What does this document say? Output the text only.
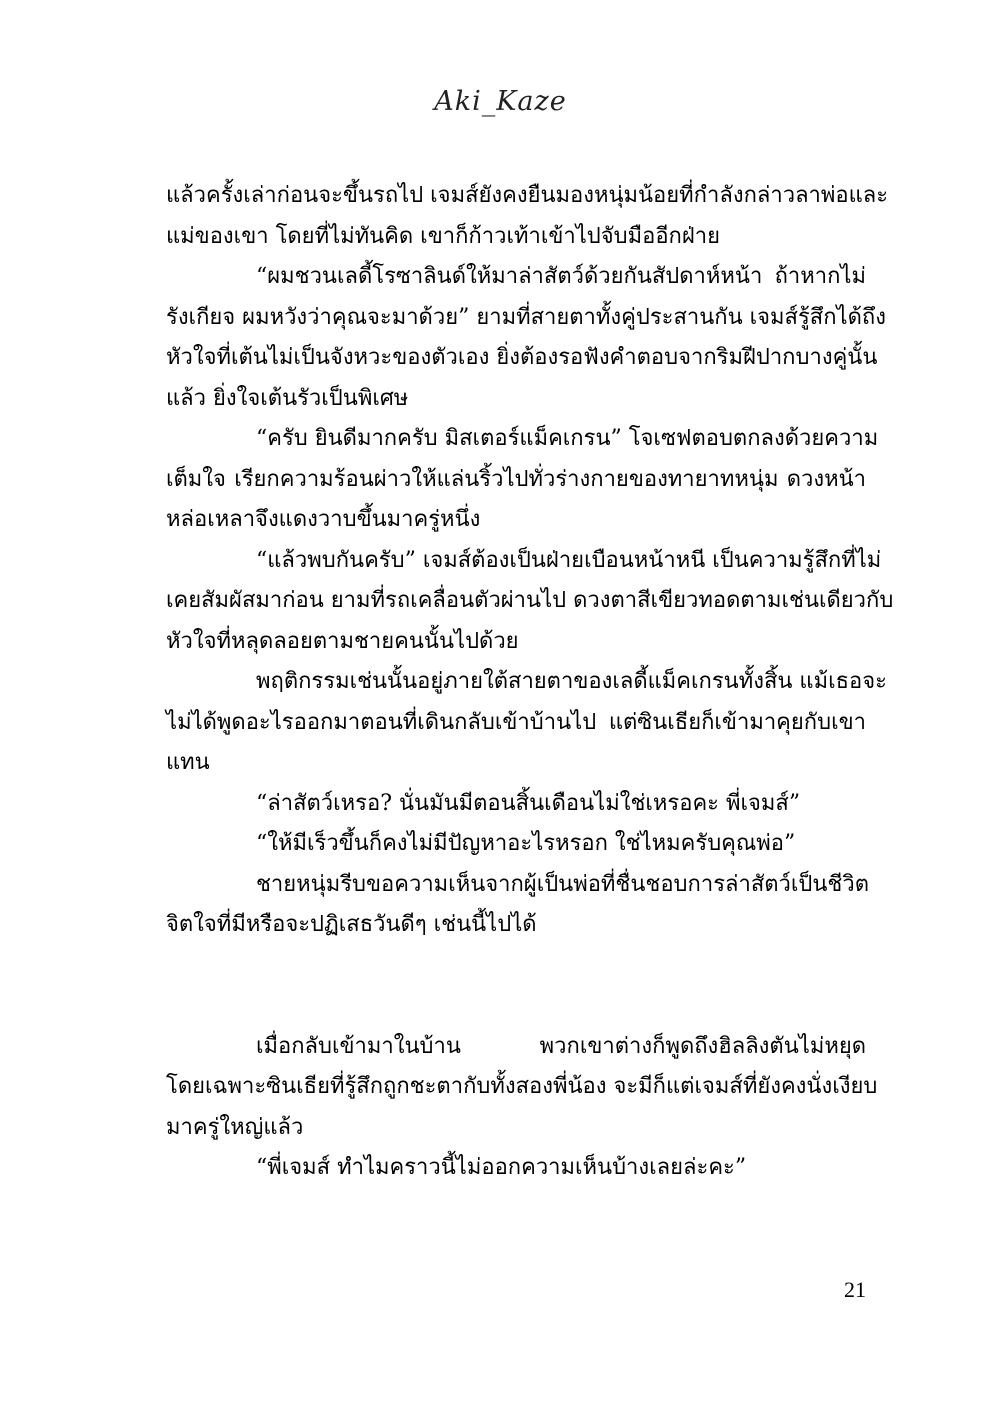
Aki_Kaze
แล้วครั้งเล่าก่อนจะขึ้นรถไป เจมส์ยังคงยืนมองหนุ่มน้อยที่กำลังกล่าวลาพ่อและ
แม่ของเขา โดยที่ไม่ทันคิด เขาก็ก้าวเท้าเข้าไปจับมืออีกฝ่าย
“ผมชวนเลดี้โรซาลินด์ให้มาล่าสัตว์ด้วยกันสัปดาห์หน้า ถ้าหากไม่
รังเกียจ ผมหวังว่าคุณจะมาด้วย” ยามที่สายตาทั้งคู่ประสานกัน เจมส์รู้สึกได้ถึง
หัวใจที่เต้นไม่เป็นจังหวะของตัวเอง ยิ่งต้องรอฟังคำตอบจากริมฝีปากบางคู่นั้น
แล้ว ยิ่งใจเต้นรัวเป็นพิเศษ
“ครับ ยินดีมากครับ มิสเตอร์แม็คเกรน” โจเซฟตอบตกลงด้วยความ
เต็มใจ เรียกความร้อนผ่าวให้แล่นริ้วไปทั่วร่างกายของทายาทหนุ่ม ดวงหน้า
หล่อเหลาจึงแดงวาบขึ้นมาครู่หนึ่ง
“แล้วพบกันครับ” เจมส์ต้องเป็นฝ่ายเบือนหน้าหนี เป็นความรู้สึกที่ไม่
เคยสัมผัสมาก่อน ยามที่รถเคลื่อนตัวผ่านไป ดวงตาสีเขียวทอดตามเช่นเดียวกับ
หัวใจที่หลุดลอยตามชายคนนั้นไปด้วย
พฤติกรรมเช่นนั้นอยู่ภายใต้สายตาของเลดี้แม็คเกรนทั้งสิ้น แม้เธอจะ
ไม่ได้พูดอะไรออกมาตอนที่เดินกลับเข้าบ้านไป แต่ซินเธียก็เข้ามาคุยกับเขา
แทน
“ล่าสัตว์เหรอ? นั่นมันมีตอนสิ้นเดือนไม่ใช่เหรอคะ พี่เจมส์”
“ให้มีเร็วขึ้นก็คงไม่มีปัญหาอะไรหรอก ใช่ไหมครับคุณพ่อ”
ชายหนุ่มรีบขอความเห็นจากผู้เป็นพ่อที่ชื่นชอบการล่าสัตว์เป็นชีวิต
จิตใจที่มีหรือจะปฏิเสธวันดีๆ เช่นนี้ไปได้
เมื่อกลับเข้ามาในบ้าน พวกเขาต่างก็พูดถึงฮิลลิงตันไม่หยุด
โดยเฉพาะซินเธียที่รู้สึกถูกชะตากับทั้งสองพี่น้อง จะมีก็แต่เจมส์ที่ยังคงนั่งเงียบ
มาครู่ใหญ่แล้ว
“พี่เจมส์ ทำไมคราวนี้ไม่ออกความเห็นบ้างเลยล่ะคะ”
21
